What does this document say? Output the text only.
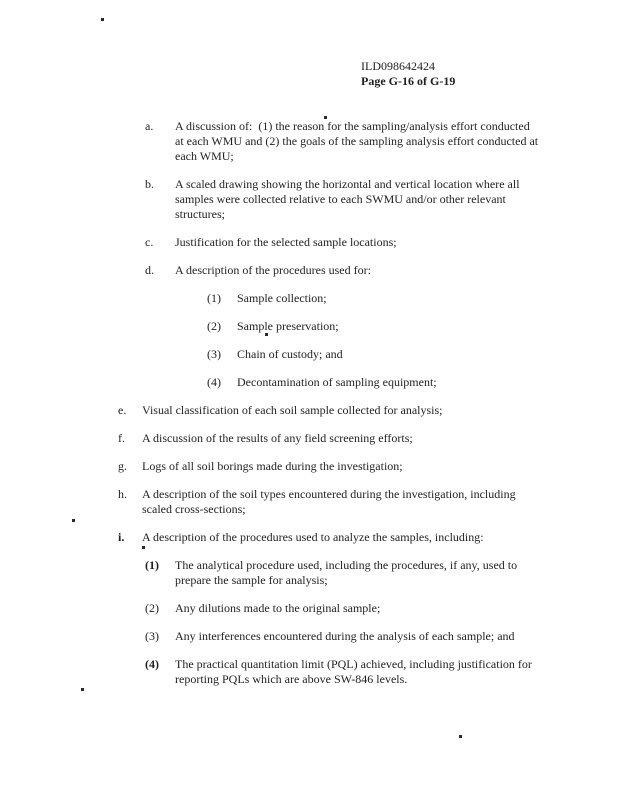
ILD098642424
Page G-16 of G-19
a.	A discussion of:  (1) the reason for the sampling/analysis effort conducted
at each WMU and (2) the goals of the sampling analysis effort conducted at
each WMU;
b.	A scaled drawing showing the horizontal and vertical location where all
samples were collected relative to each SWMU and/or other relevant
structures;
c.	Justification for the selected sample locations;
d.	A description of the procedures used for:
(1)	Sample collection;
(2)	Sample preservation;
(3)	Chain of custody; and
(4)	Decontamination of sampling equipment;
e.	Visual classification of each soil sample collected for analysis;
f.	A discussion of the results of any field screening efforts;
g.	Logs of all soil borings made during the investigation;
h.	A description of the soil types encountered during the investigation, including
scaled cross-sections;
i.	A description of the procedures used to analyze the samples, including:
(1)	The analytical procedure used, including the procedures, if any, used to
prepare the sample for analysis;
(2)	Any dilutions made to the original sample;
(3)	Any interferences encountered during the analysis of each sample; and
(4)	The practical quantitation limit (PQL) achieved, including justification for
reporting PQLs which are above SW-846 levels.
